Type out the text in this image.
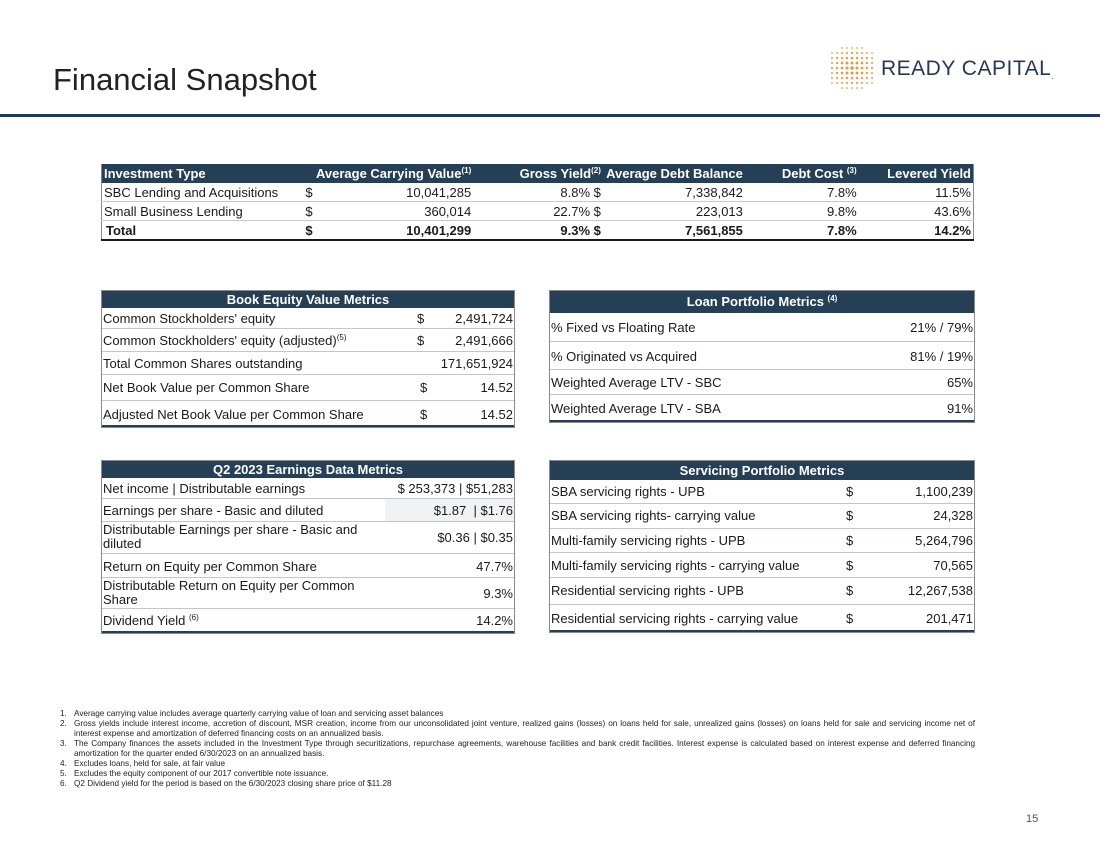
Financial Snapshot	READY CAPITAL.
Investment Type	Average Carrying Value$^{(1)}$		Gross Yield$^{(2)}$	Average Debt Balance	Debt Cost $^{(3)}$	Levered Yield
SBC Lending and Acquisitions	$	10,041,285	8.8% $	7,338,842	7.8%	11.5%
Small Business Lending	$	360,014	22.7% $	223,013	9.8%	43.6%
Total	$	10,401,299	9.3% $	7,561,855	7.8%	14.2%
Book Equity Value Metrics
Common Stockholders' equity	$ 2,491,724
Common Stockholders' equity (adjusted)$^{(5)}$	$ 2,491,666
Total Common Shares outstanding	171,651,924
Net Book Value per Common Share	$	14.52
Adjusted Net Book Value per Common Share	$	14.52
Loan Portfolio Metrics $^{(4)}$
% Fixed vs Floating Rate	21% / 79%
% Originated vs Acquired	81% / 19%
Weighted Average LTV - SBC	65%
Weighted Average LTV - SBA	91%
Q2 2023 Earnings Data Metrics
Net income | Distributable earnings	$ 253,373 | $51,283
Earnings per share - Basic and diluted	$1.87  | $1.76
Distributable Earnings per share - Basic and diluted	$0.36 | $0.35
Return on Equity per Common Share	47.7%
Distributable Return on Equity per Common Share	9.3%
Dividend Yield $^{(6)}$	14.2%
Servicing Portfolio Metrics
SBA servicing rights - UPB	$	1,100,239
SBA servicing rights- carrying value	$	24,328
Multi-family servicing rights - UPB	$	5,264,796
Multi-family servicing rights - carrying value	$	70,565
Residential servicing rights - UPB	$	12,267,538
Residential servicing rights - carrying value	$	201,471
1. Average carrying value includes average quarterly carrying value of loan and servicing asset balances
2. Gross yields include interest income, accretion of discount, MSR creation, income from our unconsolidated joint venture, realized gains (losses) on loans held for sale, unrealized gains (losses) on loans held for sale and servicing income net of interest expense and amortization of deferred financing costs on an annualized basis.
3. The Company finances the assets included in the Investment Type through securitizations, repurchase agreements, warehouse facilities and bank credit facilities. Interest expense is calculated based on interest expense and deferred financing amortization for the quarter ended 6/30/2023 on an annualized basis.
4. Excludes loans, held for sale, at fair value
5. Excludes the equity component of our 2017 convertible note issuance.
6. Q2 Dividend yield for the period is based on the 6/30/2023 closing share price of $11.28
15
